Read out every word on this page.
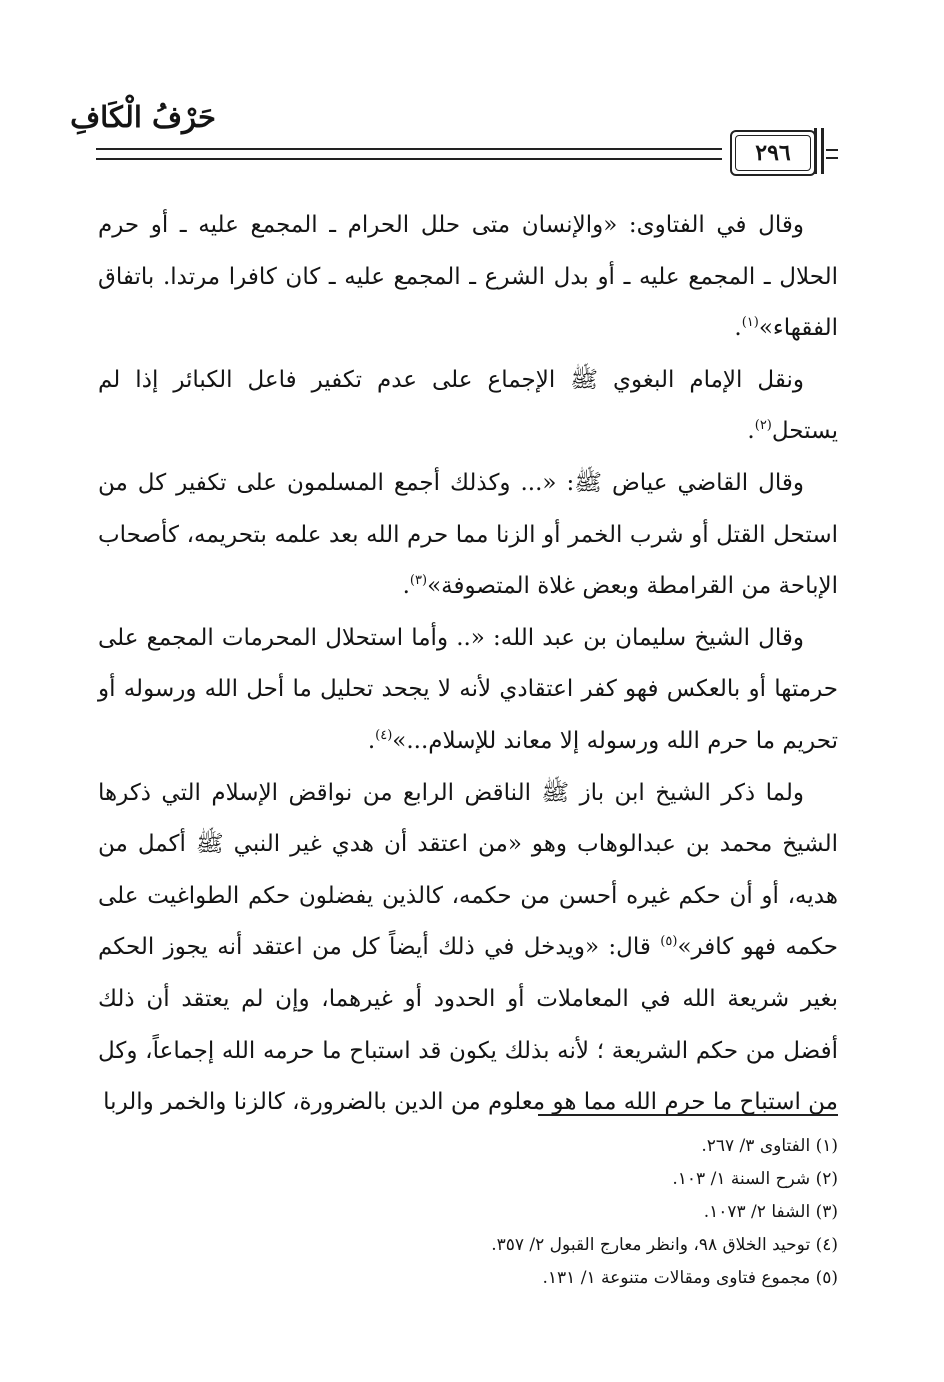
حَرْفُ الْكَافِ
٢٩٦

وقال في الفتاوى: «والإنسان متى حلل الحرام ـ المجمع عليه ـ أو حرم الحلال ـ المجمع عليه ـ أو بدل الشرع ـ المجمع عليه ـ كان كافرا مرتدا. باتفاق الفقهاء»$^{(١)}$.

ونقل الإمام البغوي ﷺ الإجماع على عدم تكفير فاعل الكبائر إذا لم يستحل$^{(٢)}$.

وقال القاضي عياض ﷺ: «... وكذلك أجمع المسلمون على تكفير كل من استحل القتل أو شرب الخمر أو الزنا مما حرم الله بعد علمه بتحريمه، كأصحاب الإباحة من القرامطة وبعض غلاة المتصوفة»$^{(٣)}$.

وقال الشيخ سليمان بن عبد الله: «.. وأما استحلال المحرمات المجمع على حرمتها أو بالعكس فهو كفر اعتقادي لأنه لا يجحد تحليل ما أحل الله ورسوله أو تحريم ما حرم الله ورسوله إلا معاند للإسلام...»$^{(٤)}$.

ولما ذكر الشيخ ابن باز ﷺ الناقض الرابع من نواقض الإسلام التي ذكرها الشيخ محمد بن عبدالوهاب وهو «من اعتقد أن هدي غير النبي ﷺ أكمل من هديه، أو أن حكم غيره أحسن من حكمه، كالذين يفضلون حكم الطواغيت على حكمه فهو كافر»$^{(٥)}$ قال: «ويدخل في ذلك أيضاً كل من اعتقد أنه يجوز الحكم بغير شريعة الله في المعاملات أو الحدود أو غيرهما، وإن لم يعتقد أن ذلك أفضل من حكم الشريعة ؛ لأنه بذلك يكون قد استباح ما حرمه الله إجماعاً، وكل من استباح ما حرم الله مما هو معلوم من الدين بالضرورة، كالزنا والخمر والربا

(١) الفتاوى ٣/ ٢٦٧.
(٢) شرح السنة ١/ ١٠٣.
(٣) الشفا ٢/ ١٠٧٣.
(٤) توحيد الخلاق ٩٨، وانظر معارج القبول ٢/ ٣٥٧.
(٥) مجموع فتاوى ومقالات متنوعة ١/ ١٣١.
